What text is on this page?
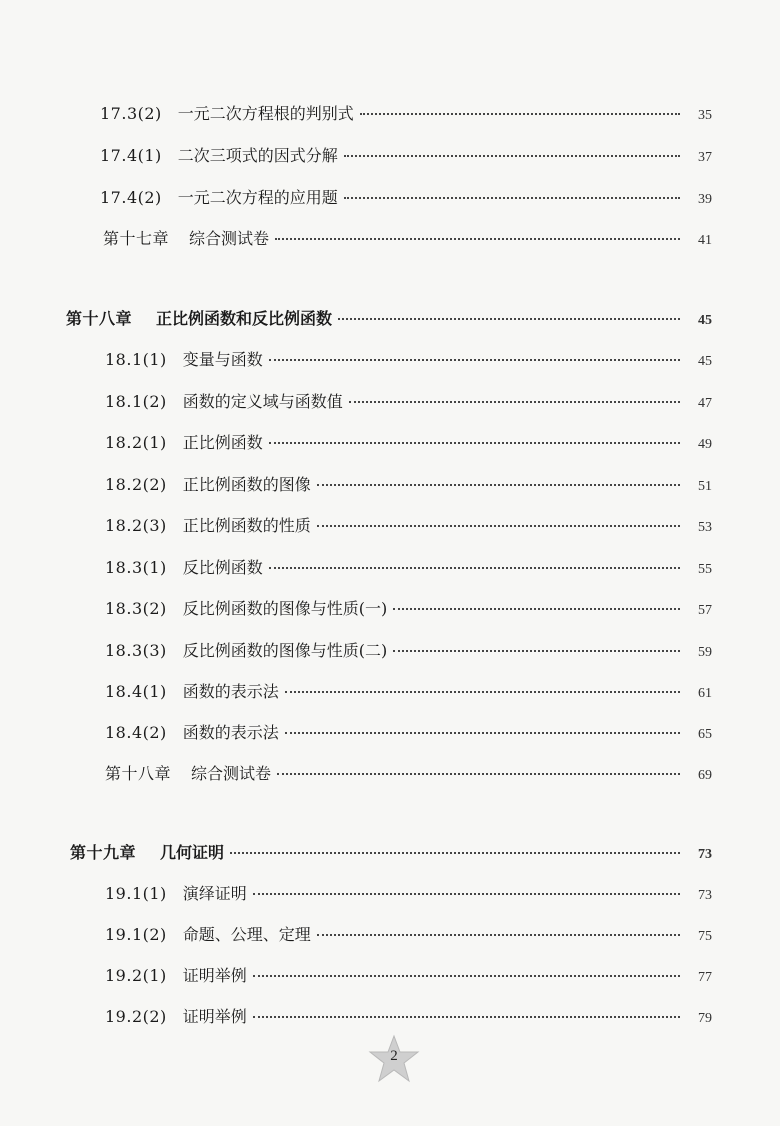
17.3(2) 一元二次方程根的判别式	35
17.4(1) 二次三项式的因式分解	37
17.4(2) 一元二次方程的应用题	39
第十七章 综合测试卷	41
第十八章 正比例函数和反比例函数	45
18.1(1) 变量与函数	45
18.1(2) 函数的定义域与函数值	47
18.2(1) 正比例函数	49
18.2(2) 正比例函数的图像	51
18.2(3) 正比例函数的性质	53
18.3(1) 反比例函数	55
18.3(2) 反比例函数的图像与性质(一)	57
18.3(3) 反比例函数的图像与性质(二)	59
18.4(1) 函数的表示法	61
18.4(2) 函数的表示法	65
第十八章 综合测试卷	69
第十九章 几何证明	73
19.1(1) 演绎证明	73
19.1(2) 命题、公理、定理	75
19.2(1) 证明举例	77
19.2(2) 证明举例	79
2
